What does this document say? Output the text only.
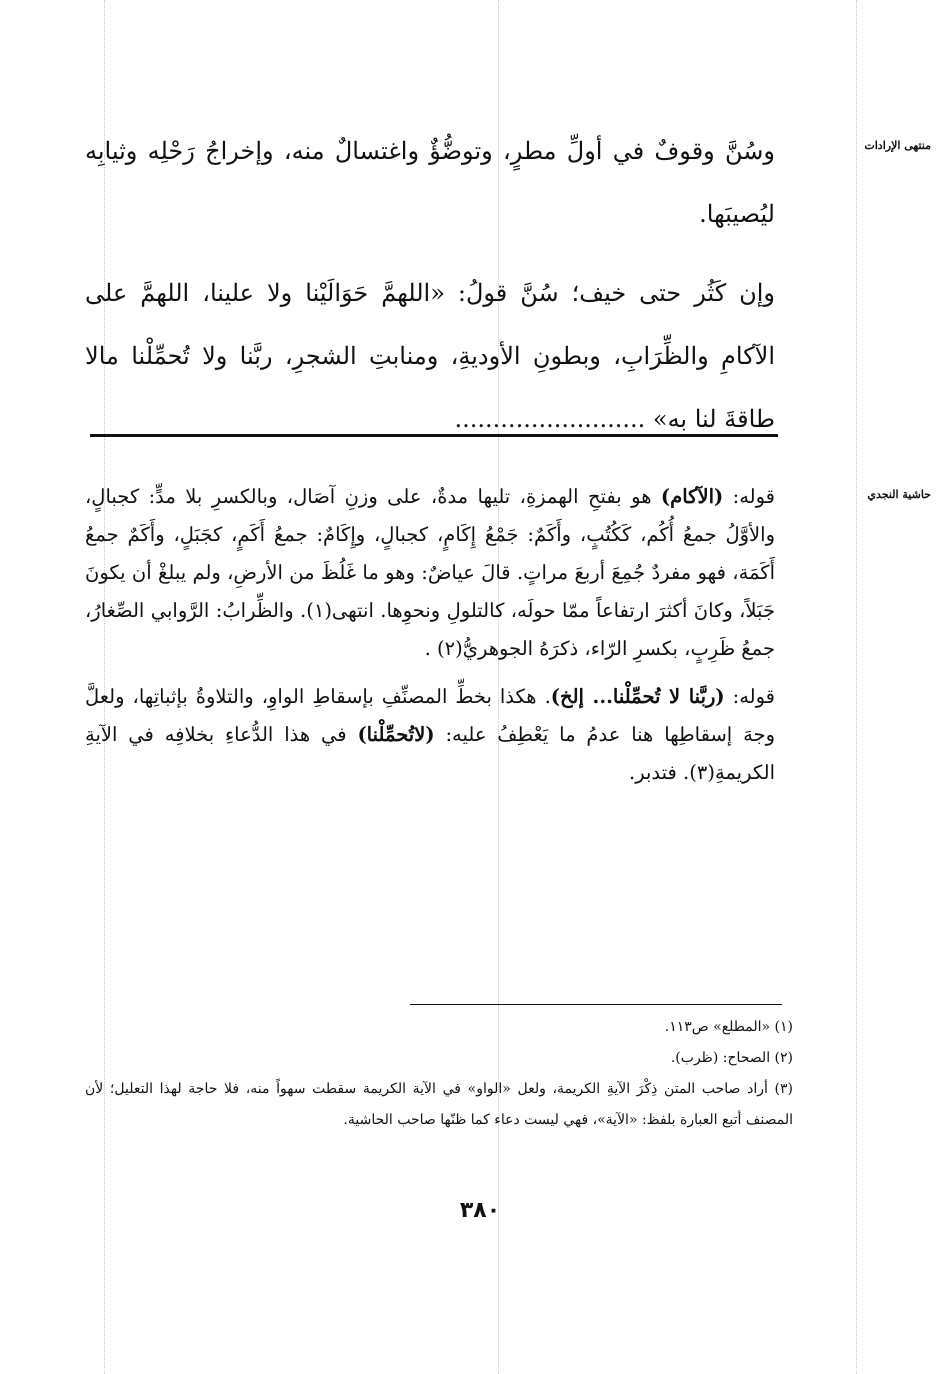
منتهى الإرادات
حاشية النجدي

وسُنَّ وقوفٌ في أولِّ مطرٍ، وتوضُّؤٌ واغتسالٌ منه، وإخراجُ رَحْلِه وثيابِه ليُصيبَها.

وإن كَثُر حتى خيف؛ سُنَّ قولُ: «اللهمَّ حَوَالَيْنا ولا علينا، اللهمَّ على الآكامِ والظِّرَابِ، وبطونِ الأوديةِ، ومنابتِ الشجرِ، ربَّنا ولا تُحمِّلْنا مالا طاقةَ لنا به» .........................

قوله: (الآكام) هو بفتحِ الهمزةِ، تليها مدةٌ، على وزنِ آصَال، وبالكسرِ بلا مدٍّ: كجبالٍ، والأوَّلُ جمعُ أُكُم، كَكُتُبٍ، وأَكَمٌ: جَمْعُ إِكَامٍ، كجبالٍ، وإِكَامٌ: جمعُ أَكَمٍ، كجَبَلٍ، وأَكَمٌ جمعُ أَكَمَة، فهو مفردٌ جُمِعَ أربعَ مراتٍ. قالَ عياضٌ: وهو ما غَلُظَ من الأرضِ، ولم يبلغْ أن يكونَ جَبَلاً، وكانَ أكثرَ ارتفاعاً ممّا حولَه، كالتلولِ ونحوِها. انتهى(١). والظِّرابُ: الرَّوابي الصِّغارُ، جمعُ ظَرِبٍ، بكسرِ الرّاء، ذكرَهُ الجوهريُّ(٢) .

قوله: (ربَّنا لا تُحمِّلْنا... إلخ). هكذا بخطِّ المصنِّفِ بإسقاطِ الواوِ، والتلاوةُ بإثباتِها، ولعلَّ وجهَ إسقاطِها هنا عدمُ ما يَعْطِفُ عليه: (لاتُحمِّلْنا) في هذا الدُّعاءِ بخلافِه في الآيةِ الكريمةِ(٣). فتدبر.

(١) «المطلع» ص١١٣.

(٢) الصحاح: (ظرب).

(٣) أراد صاحب المتن ذِكْرَ الآيةِ الكريمة، ولعل «الواو» في الآية الكريمة سقطت سهواً منه، فلا حاجة لهذا التعليل؛ لأن المصنف أتبع العبارة بلفظ: «الآية»، فهي ليست دعاء كما ظنّها صاحب الحاشية.

٣٨٠
